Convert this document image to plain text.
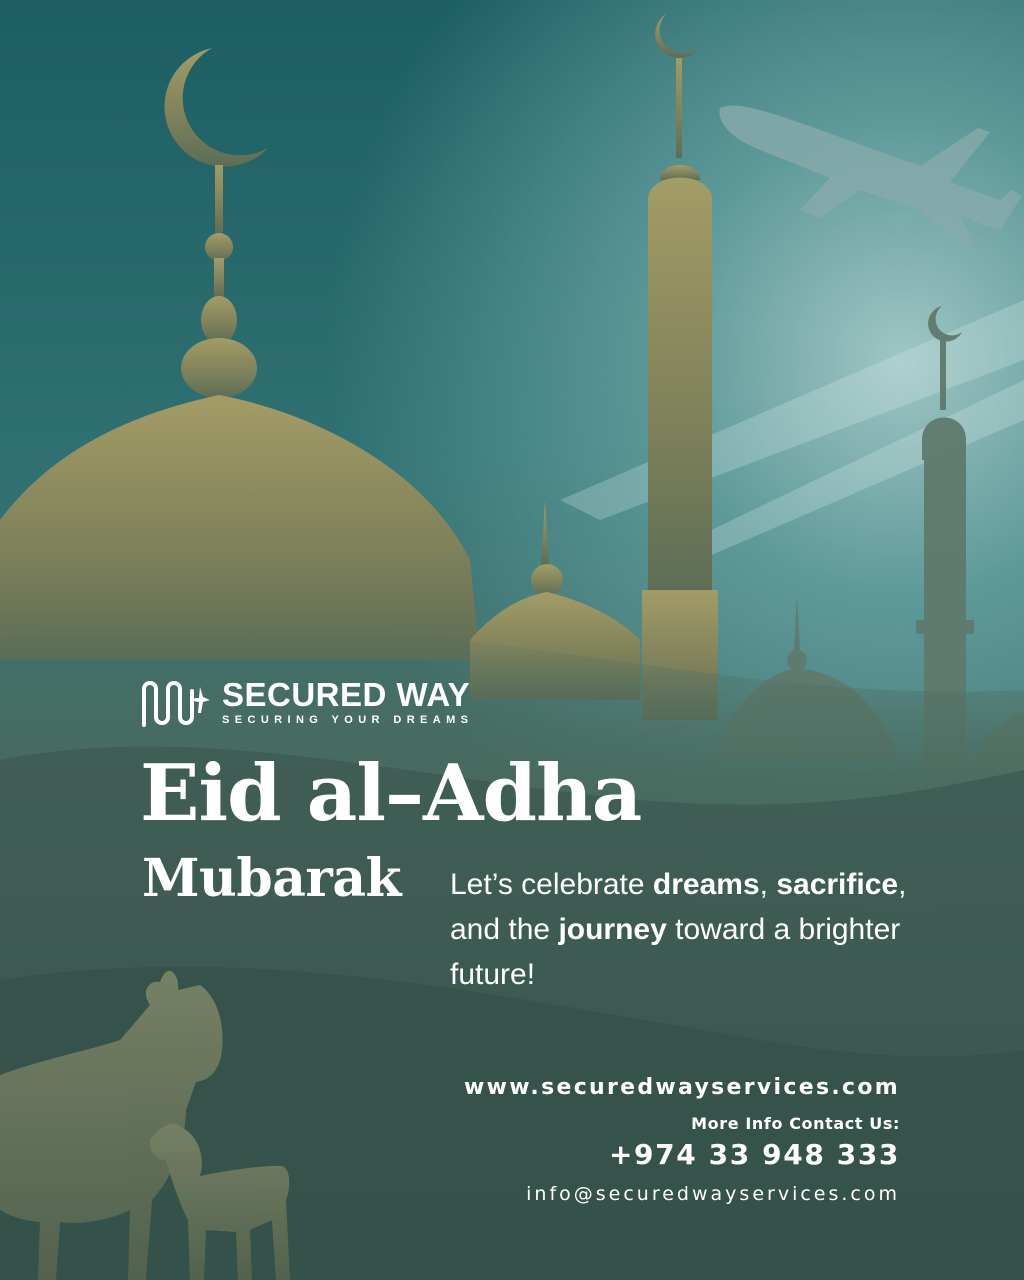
SECURED WAY
SECURING YOUR DREAMS
Eid al–Adha
Mubarak Let’s celebrate dreams, sacrifice, and the journey toward a brighter future!
www.securedwayservices.com
More Info Contact Us:
+974 33 948 333
info@securedwayservices.com
